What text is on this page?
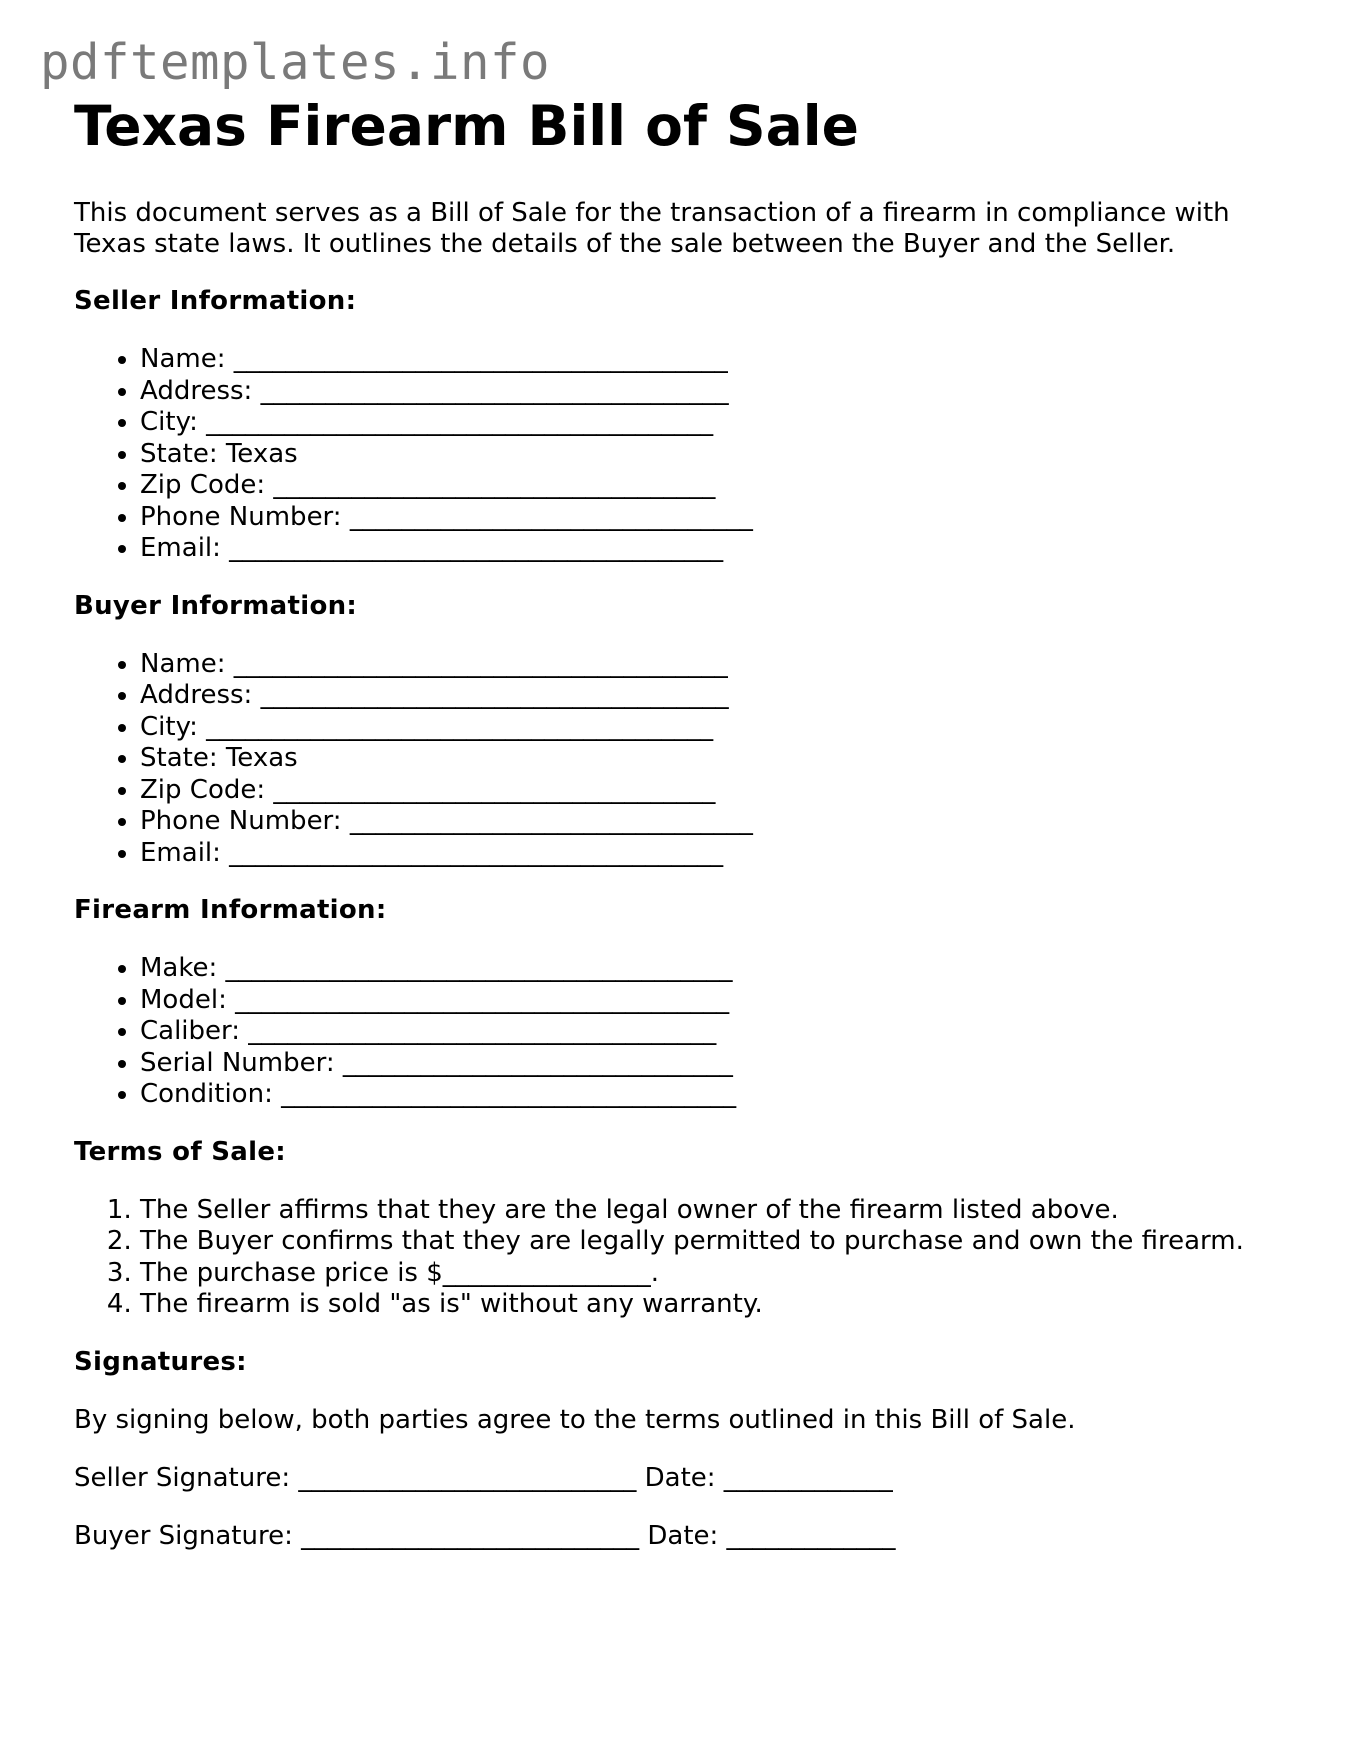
pdftemplates.info
Texas Firearm Bill of Sale

This document serves as a Bill of Sale for the transaction of a firearm in compliance with Texas state laws. It outlines the details of the sale between the Buyer and the Seller.

Seller Information:
• Name: ______________________________________
• Address: ____________________________________
• City: _______________________________________
• State: Texas
• Zip Code: __________________________________
• Phone Number: _______________________________
• Email: ______________________________________
Buyer Information:
• Name: ______________________________________
• Address: ____________________________________
• City: _______________________________________
• State: Texas
• Zip Code: __________________________________
• Phone Number: _______________________________
• Email: ______________________________________
Firearm Information:
• Make: _______________________________________
• Model: ______________________________________
• Caliber: ____________________________________
• Serial Number: ______________________________
• Condition: ___________________________________
Terms of Sale:
1. The Seller affirms that they are the legal owner of the firearm listed above.
2. The Buyer confirms that they are legally permitted to purchase and own the firearm.
3. The purchase price is $________________.
4. The firearm is sold "as is" without any warranty.
Signatures:

By signing below, both parties agree to the terms outlined in this Bill of Sale.

Seller Signature: __________________________ Date: _____________

Buyer Signature: __________________________ Date: _____________
